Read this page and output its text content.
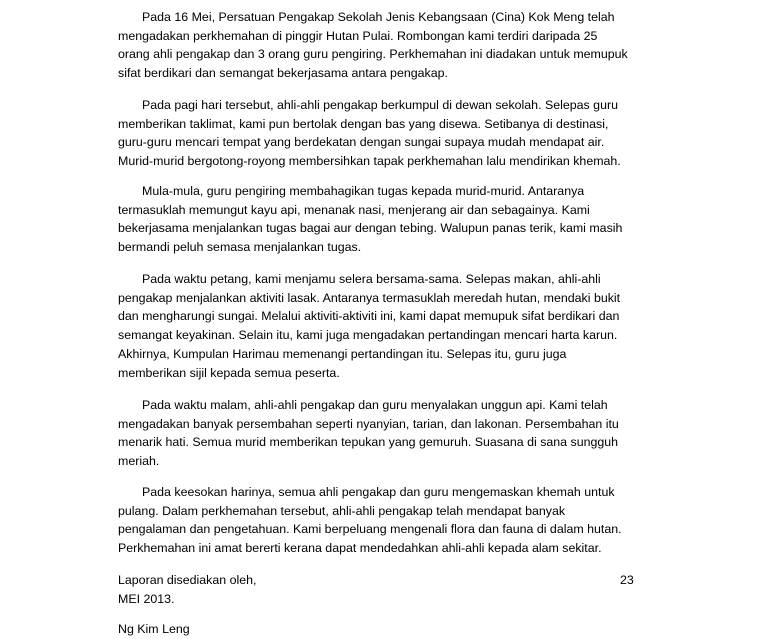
Pada 16 Mei, Persatuan Pengakap Sekolah Jenis Kebangsaan (Cina) Kok Meng telah
mengadakan perkhemahan di pinggir Hutan Pulai. Rombongan kami terdiri daripada 25
orang ahli pengakap dan 3 orang guru pengiring. Perkhemahan ini diadakan untuk memupuk
sifat berdikari dan semangat bekerjasama antara pengakap.

Pada pagi hari tersebut, ahli-ahli pengakap berkumpul di dewan sekolah. Selepas guru
memberikan taklimat, kami pun bertolak dengan bas yang disewa. Setibanya di destinasi,
guru-guru mencari tempat yang berdekatan dengan sungai supaya mudah mendapat air.
Murid-murid bergotong-royong membersihkan tapak perkhemahan lalu mendirikan khemah.

Mula-mula, guru pengiring membahagikan tugas kepada murid-murid. Antaranya
termasuklah memungut kayu api, menanak nasi, menjerang air dan sebagainya. Kami
bekerjasama menjalankan tugas bagai aur dengan tebing. Walupun panas terik, kami masih
bermandi peluh semasa menjalankan tugas.

Pada waktu petang, kami menjamu selera bersama-sama. Selepas makan, ahli-ahli
pengakap menjalankan aktiviti lasak. Antaranya termasuklah meredah hutan, mendaki bukit
dan mengharungi sungai. Melalui aktiviti-aktiviti ini, kami dapat memupuk sifat berdikari dan
semangat keyakinan. Selain itu, kami juga mengadakan pertandingan mencari harta karun.
Akhirnya, Kumpulan Harimau memenangi pertandingan itu. Selepas itu, guru juga
memberikan sijil kepada semua peserta.

Pada waktu malam, ahli-ahli pengakap dan guru menyalakan unggun api. Kami telah
mengadakan banyak persembahan seperti nyanyian, tarian, dan lakonan. Persembahan itu
menarik hati. Semua murid memberikan tepukan yang gemuruh. Suasana di sana sungguh
meriah.

Pada keesokan harinya, semua ahli pengakap dan guru mengemaskan khemah untuk
pulang. Dalam perkhemahan tersebut, ahli-ahli pengakap telah mendapat banyak
pengalaman dan pengetahuan. Kami berpeluang mengenali flora dan fauna di dalam hutan.
Perkhemahan ini amat bererti kerana dapat mendedahkan ahli-ahli kepada alam sekitar.

Laporan disediakan oleh,
MEI 2013.
Ng Kim Leng
23
